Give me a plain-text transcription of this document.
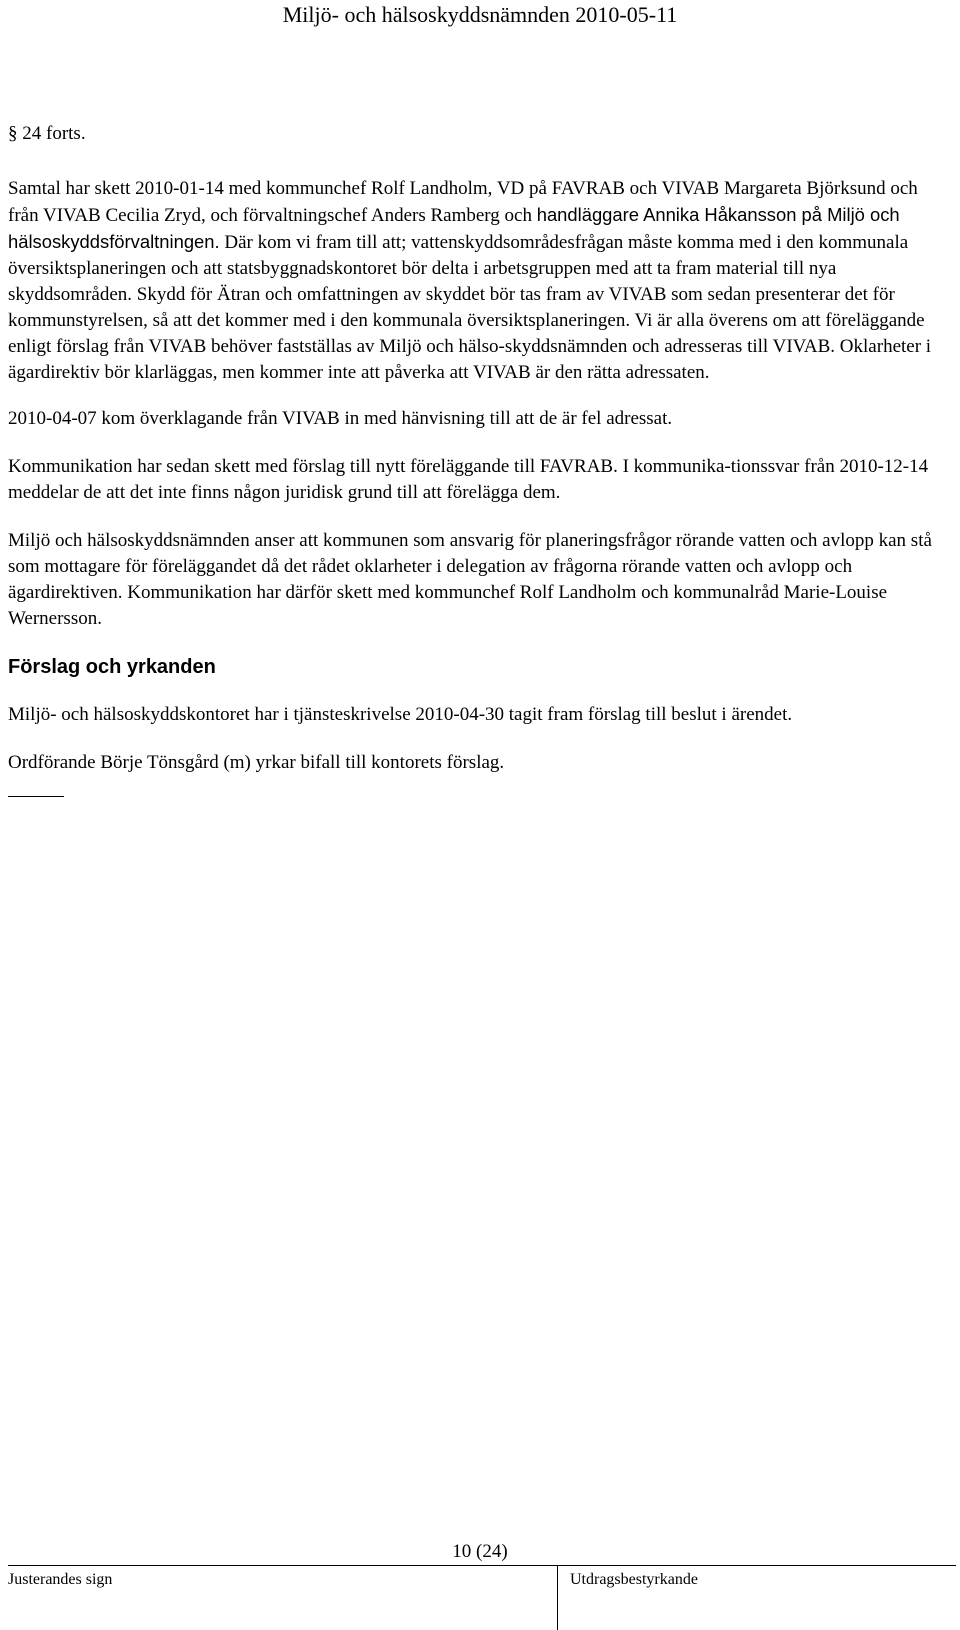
Miljö- och hälsoskyddsnämnden 2010-05-11
§ 24 forts.

Samtal har skett 2010-01-14 med kommunchef Rolf Landholm, VD på FAVRAB och VIVAB Margareta Björksund och från VIVAB Cecilia Zryd, och förvaltningschef Anders Ramberg och handläggare Annika Håkansson på Miljö och hälsoskyddsförvaltningen. Där kom vi fram till att; vattenskyddsområdesfrågan måste komma med i den kommunala översiktsplaneringen och att statsbyggnadskontoret bör delta i arbetsgruppen med att ta fram material till nya skyddsområden. Skydd för Ätran och omfattningen av skyddet bör tas fram av VIVAB som sedan presenterar det för kommunstyrelsen, så att det kommer med i den kommunala översiktsplaneringen. Vi är alla överens om att föreläggande enligt förslag från VIVAB behöver fastställas av Miljö och hälso-skyddsnämnden och adresseras till VIVAB. Oklarheter i ägardirektiv bör klarläggas, men kommer inte att påverka att VIVAB är den rätta adressaten.

2010-04-07 kom överklagande från VIVAB in med hänvisning till att de är fel adressat.

Kommunikation har sedan skett med förslag till nytt föreläggande till FAVRAB. I kommunika-tionssvar från 2010-12-14 meddelar de att det inte finns någon juridisk grund till att förelägga dem.

Miljö och hälsoskyddsnämnden anser att kommunen som ansvarig för planeringsfrågor rörande vatten och avlopp kan stå som mottagare för föreläggandet då det rådet oklarheter i delegation av frågorna rörande vatten och avlopp och ägardirektiven. Kommunikation har därför skett med kommunchef Rolf Landholm och kommunalråd Marie-Louise Wernersson.

Förslag och yrkanden

Miljö- och hälsoskyddskontoret har i tjänsteskrivelse 2010-04-30 tagit fram förslag till beslut i ärendet.

Ordförande Börje Tönsgård (m) yrkar bifall till kontorets förslag.

10 (24)
Justerandes sign	Utdragsbestyrkande
